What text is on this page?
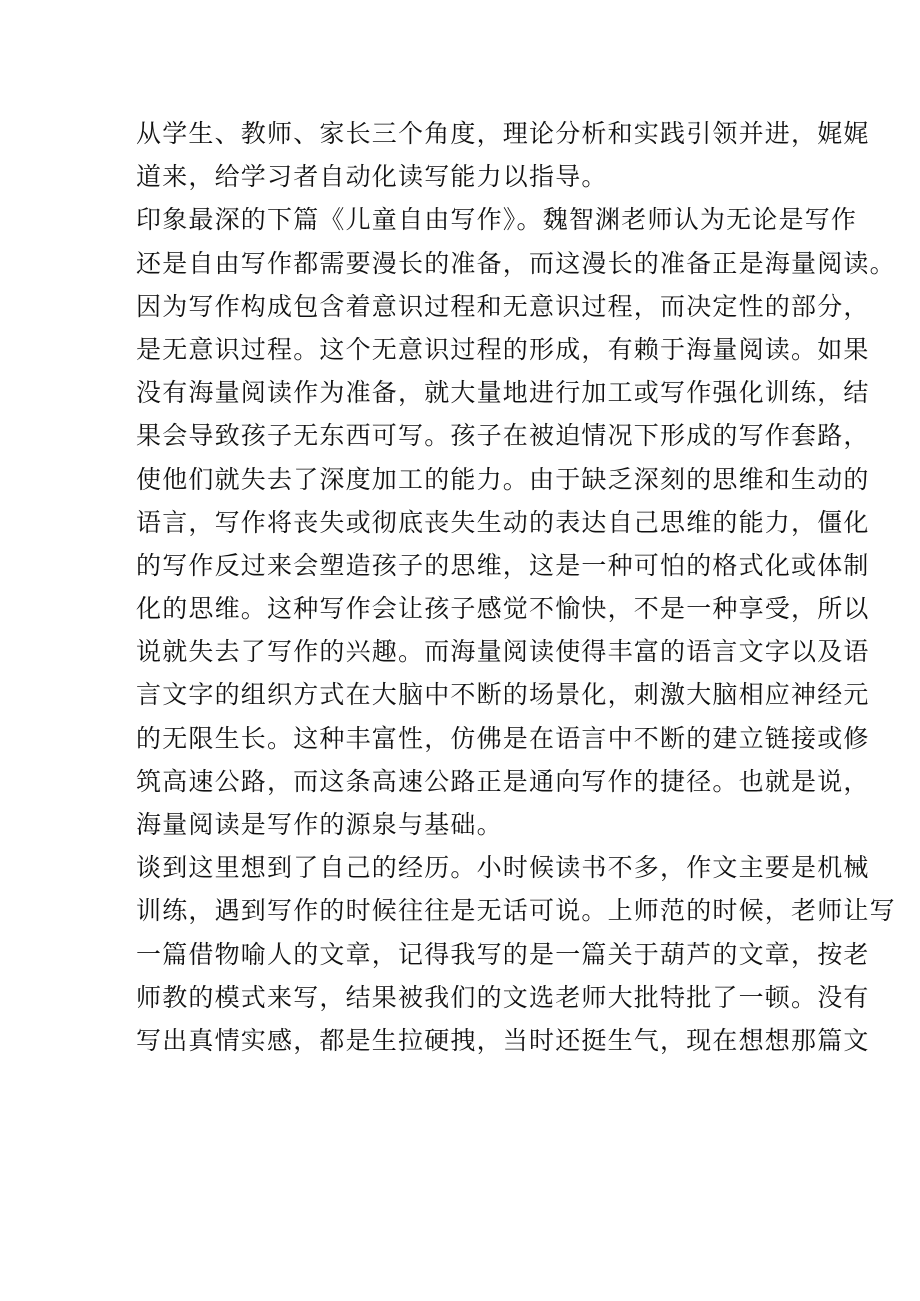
从学生、教师、家长三个角度，理论分析和实践引领并进，娓娓
道来，给学习者自动化读写能力以指导。
印象最深的下篇《儿童自由写作》。魏智渊老师认为无论是写作
还是自由写作都需要漫长的准备，而这漫长的准备正是海量阅读。
因为写作构成包含着意识过程和无意识过程，而决定性的部分，
是无意识过程。这个无意识过程的形成，有赖于海量阅读。如果
没有海量阅读作为准备，就大量地进行加工或写作强化训练，结
果会导致孩子无东西可写。孩子在被迫情况下形成的写作套路，
使他们就失去了深度加工的能力。由于缺乏深刻的思维和生动的
语言，写作将丧失或彻底丧失生动的表达自己思维的能力，僵化
的写作反过来会塑造孩子的思维，这是一种可怕的格式化或体制
化的思维。这种写作会让孩子感觉不愉快，不是一种享受，所以
说就失去了写作的兴趣。而海量阅读使得丰富的语言文字以及语
言文字的组织方式在大脑中不断的场景化，刺激大脑相应神经元
的无限生长。这种丰富性，仿佛是在语言中不断的建立链接或修
筑高速公路，而这条高速公路正是通向写作的捷径。也就是说，
海量阅读是写作的源泉与基础。
谈到这里想到了自己的经历。小时候读书不多，作文主要是机械
训练，遇到写作的时候往往是无话可说。上师范的时候，老师让写
一篇借物喻人的文章，记得我写的是一篇关于葫芦的文章，按老
师教的模式来写，结果被我们的文选老师大批特批了一顿。没有
写出真情实感，都是生拉硬拽，当时还挺生气，现在想想那篇文
